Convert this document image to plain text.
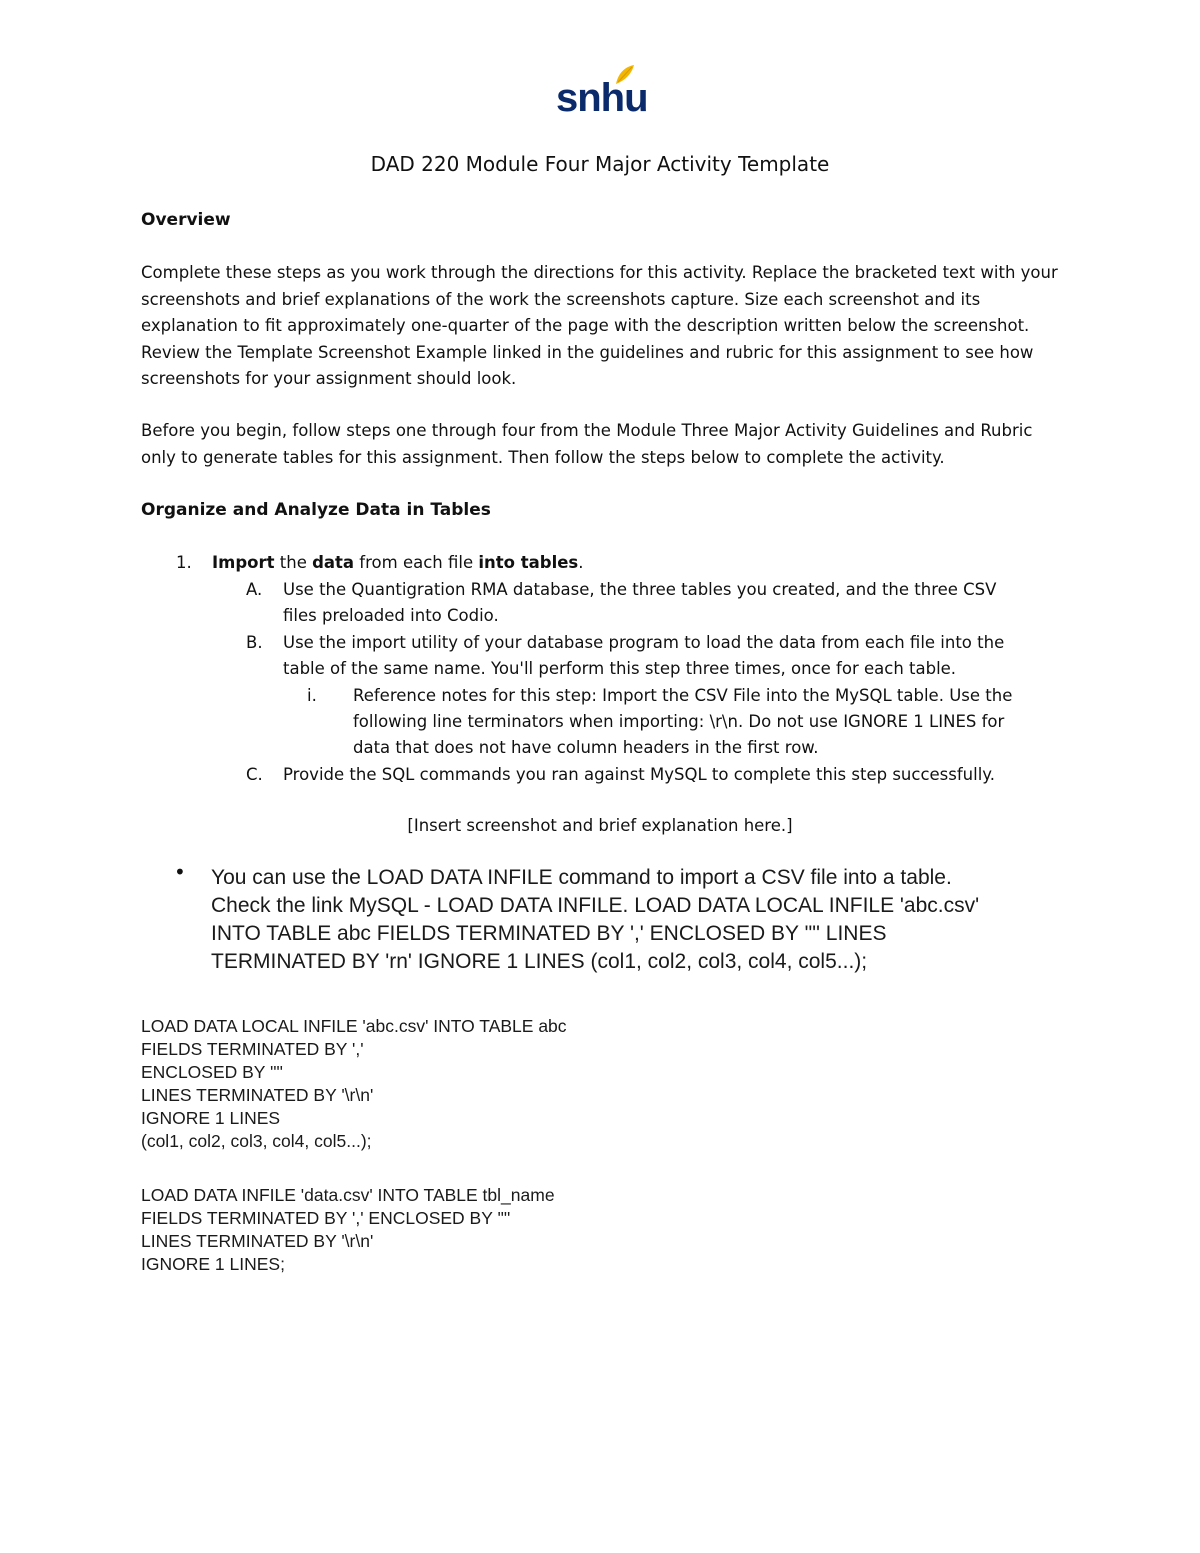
snhu
DAD 220 Module Four Major Activity Template
Overview
Complete these steps as you work through the directions for this activity. Replace the bracketed text with your screenshots and brief explanations of the work the screenshots capture. Size each screenshot and its explanation to fit approximately one-quarter of the page with the description written below the screenshot. Review the Template Screenshot Example linked in the guidelines and rubric for this assignment to see how screenshots for your assignment should look.
Before you begin, follow steps one through four from the Module Three Major Activity Guidelines and Rubric only to generate tables for this assignment. Then follow the steps below to complete the activity.
Organize and Analyze Data in Tables
1. Import the data from each file into tables.
A. Use the Quantigration RMA database, the three tables you created, and the three CSV
files preloaded into Codio.
B. Use the import utility of your database program to load the data from each file into the
table of the same name. You'll perform this step three times, once for each table.
i. Reference notes for this step: Import the CSV File into the MySQL table. Use the
following line terminators when importing: \r\n. Do not use IGNORE 1 LINES for
data that does not have column headers in the first row.
C. Provide the SQL commands you ran against MySQL to complete this step successfully.
[Insert screenshot and brief explanation here.]
• You can use the LOAD DATA INFILE command to import a CSV file into a table.
Check the link MySQL - LOAD DATA INFILE. LOAD DATA LOCAL INFILE 'abc.csv'
INTO TABLE abc FIELDS TERMINATED BY ',' ENCLOSED BY '"' LINES
TERMINATED BY 'rn' IGNORE 1 LINES (col1, col2, col3, col4, col5...);
LOAD DATA LOCAL INFILE 'abc.csv' INTO TABLE abc
FIELDS TERMINATED BY ','
ENCLOSED BY '"'
LINES TERMINATED BY '\r\n'
IGNORE 1 LINES
(col1, col2, col3, col4, col5...);
LOAD DATA INFILE 'data.csv' INTO TABLE tbl_name
FIELDS TERMINATED BY ',' ENCLOSED BY '"'
LINES TERMINATED BY '\r\n'
IGNORE 1 LINES;
